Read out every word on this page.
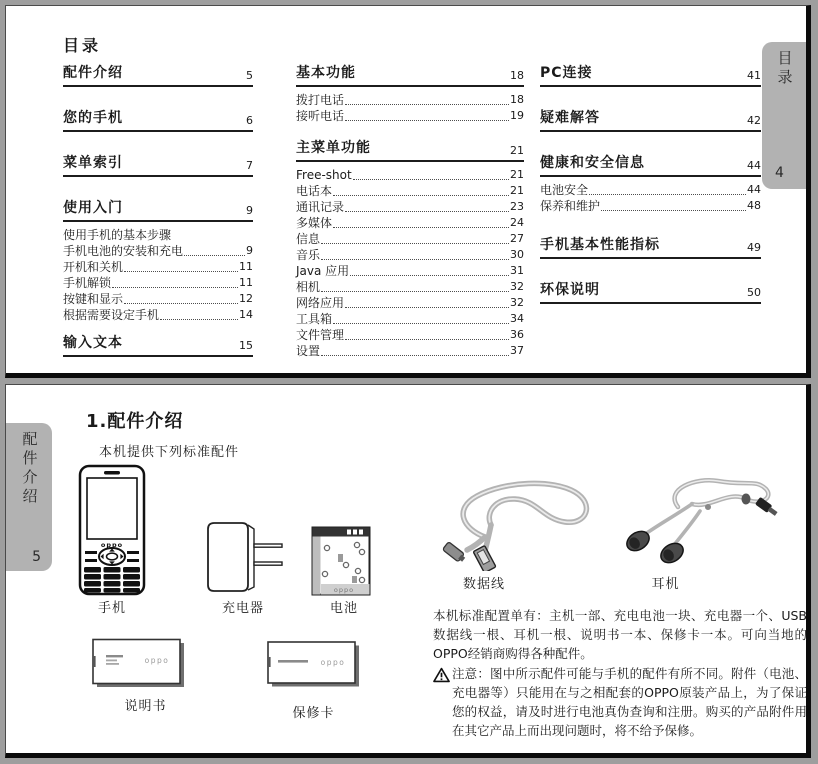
目录
配件介绍	5
您的手机	6
菜单索引	7
使用入门	9
使用手机的基本步骤
手机电池的安装和充电	9
开机和关机	11
手机解锁	11
按键和显示	12
根据需要设定手机	14
输入文本	15
基本功能	18
拨打电话	18
接听电话	19
主菜单功能	21
Free-shot	21
电话本	21
通讯记录	23
多媒体	24
信息	27
音乐	30
Java 应用	31
相机	32
网络应用	32
工具箱	34
文件管理	36
设置	37
PC连接	41
疑难解答	42
健康和安全信息	44
电池安全	44
保养和维护	48
手机基本性能指标	49
环保说明	50
目录
4
配件介绍
5
1.配件介绍
本机提供下列标准配件
oppo
oppo
oppo	oppo
手机	充电器	电池
数据线	耳机
说明书	保修卡
本机标准配置单有：主机一部、充电电池一块、充电器一个、USB数据线一根、耳机一根、说明书一本、保修卡一本。可向当地的OPPO经销商购得各种配件。
注意：图中所示配件可能与手机的配件有所不同。附件（电池、充电器等）只能用在与之相配套的OPPO原装产品上，为了保证您的权益，请及时进行电池真伪查询和注册。购买的产品附件用在其它产品上而出现问题时，将不给予保修。
